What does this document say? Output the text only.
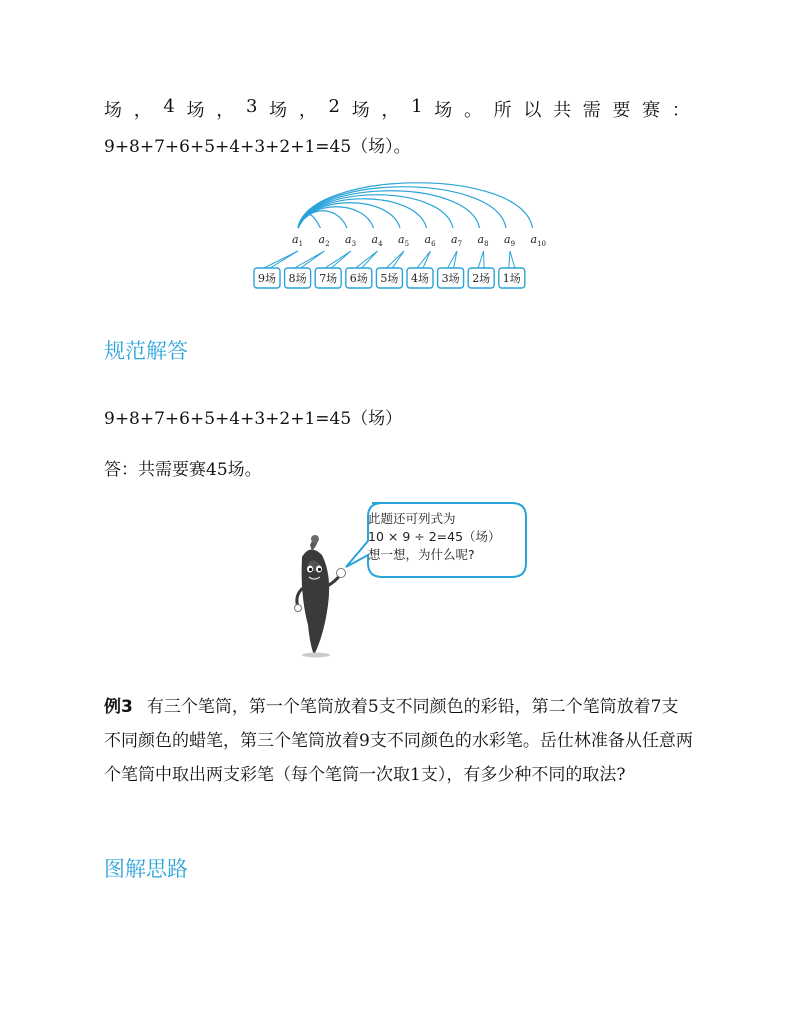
场 ， 4 场 ， 3 场 ， 2 场 ， 1 场 。 所 以 共 需 要 赛 ：
9+8+7+6+5+4+3+2+1=45（场）。
$a_1$ $a_2$ $a_3$ $a_4$ $a_5$ $a_6$ $a_7$ $a_8$ $a_9$ $a_{10}$
9场 8场 7场 6场 5场 4场 3场 2场 1场
规范解答
9+8+7+6+5+4+3+2+1=45（场）
答：共需要赛45场。
此题还可列式为
10 × 9 ÷ 2=45（场）
想一想，为什么呢?
例3 有三个笔筒，第一个笔筒放着5支不同颜色的彩铅，第二个笔筒放着7支不同颜色的蜡笔，第三个笔筒放着9支不同颜色的水彩笔。岳仕林准备从任意两个笔筒中取出两支彩笔（每个笔筒一次取1支），有多少种不同的取法?
图解思路
